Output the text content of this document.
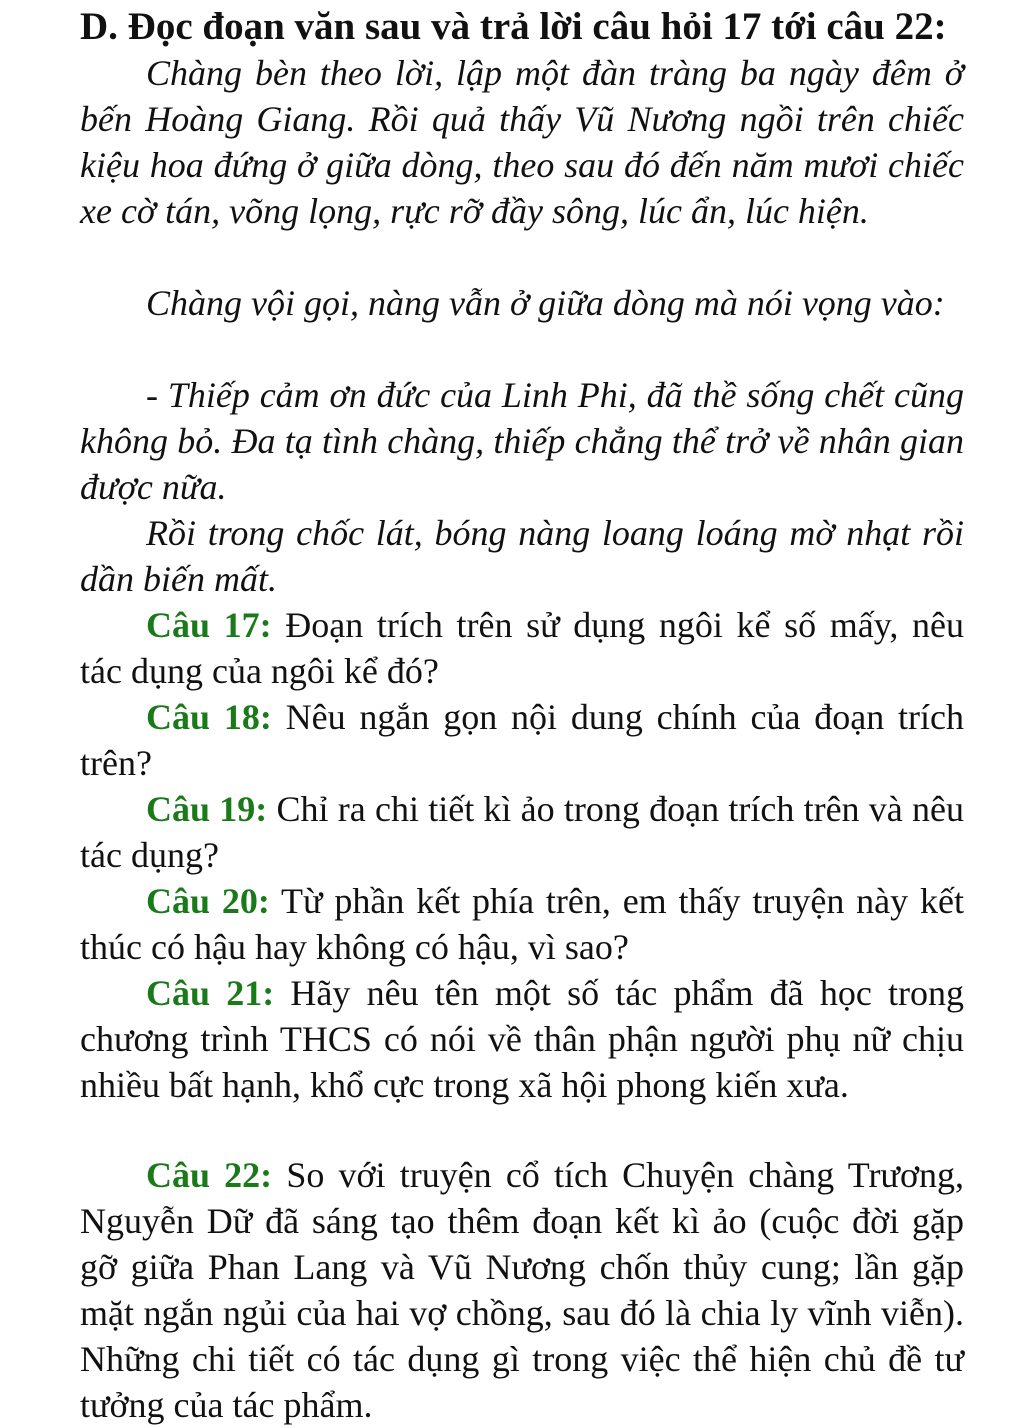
D. Đọc đoạn văn sau và trả lời câu hỏi 17 tới câu 22:

Chàng bèn theo lời, lập một đàn tràng ba ngày đêm ở bến Hoàng Giang. Rồi quả thấy Vũ Nương ngồi trên chiếc kiệu hoa đứng ở giữa dòng, theo sau đó đến năm mươi chiếc xe cờ tán, võng lọng, rực rỡ đầy sông, lúc ẩn, lúc hiện.

Chàng vội gọi, nàng vẫn ở giữa dòng mà nói vọng vào:

- Thiếp cảm ơn đức của Linh Phi, đã thề sống chết cũng không bỏ. Đa tạ tình chàng, thiếp chẳng thể trở về nhân gian được nữa.

Rồi trong chốc lát, bóng nàng loang loáng mờ nhạt rồi dần biến mất.

Câu 17: Đoạn trích trên sử dụng ngôi kể số mấy, nêu tác dụng của ngôi kể đó?

Câu 18: Nêu ngắn gọn nội dung chính của đoạn trích trên?

Câu 19: Chỉ ra chi tiết kì ảo trong đoạn trích trên và nêu tác dụng?

Câu 20: Từ phần kết phía trên, em thấy truyện này kết thúc có hậu hay không có hậu, vì sao?

Câu 21: Hãy nêu tên một số tác phẩm đã học trong chương trình THCS có nói về thân phận người phụ nữ chịu nhiều bất hạnh, khổ cực trong xã hội phong kiến xưa.

Câu 22: So với truyện cổ tích Chuyện chàng Trương, Nguyễn Dữ đã sáng tạo thêm đoạn kết kì ảo (cuộc đời gặp gỡ giữa Phan Lang và Vũ Nương chốn thủy cung; lần gặp mặt ngắn ngủi của hai vợ chồng, sau đó là chia ly vĩnh viễn). Những chi tiết có tác dụng gì trong việc thể hiện chủ đề tư tưởng của tác phẩm.
